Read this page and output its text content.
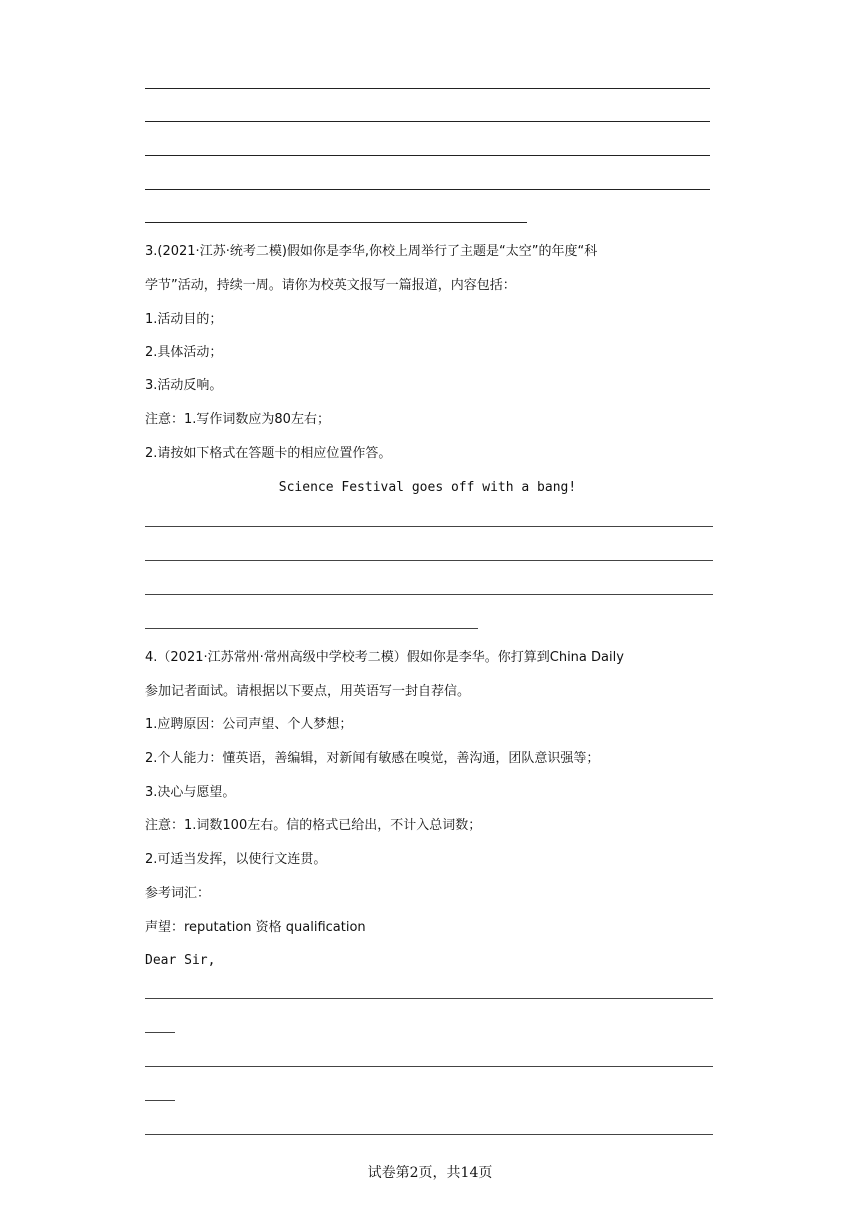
3.(2021·江苏·统考二模)假如你是李华,你校上周举行了主题是“太空”的年度“科
学节”活动，持续一周。请你为校英文报写一篇报道，内容包括：
1.活动目的；
2.具体活动；
3.活动反响。
注意：1.写作词数应为80左右；
2.请按如下格式在答题卡的相应位置作答。
Science Festival goes off with a bang!
4.（2021·江苏常州·常州高级中学校考二模）假如你是李华。你打算到China Daily
参加记者面试。请根据以下要点，用英语写一封自荐信。
1.应聘原因：公司声望、个人梦想；
2.个人能力：懂英语，善编辑，对新闻有敏感在嗅觉，善沟通，团队意识强等；
3.决心与愿望。
注意：1.词数100左右。信的格式已给出，不计入总词数；
2.可适当发挥，以使行文连贯。
参考词汇：
声望：reputation 资格 qualification
Dear Sir,
试卷第2页，共14页
